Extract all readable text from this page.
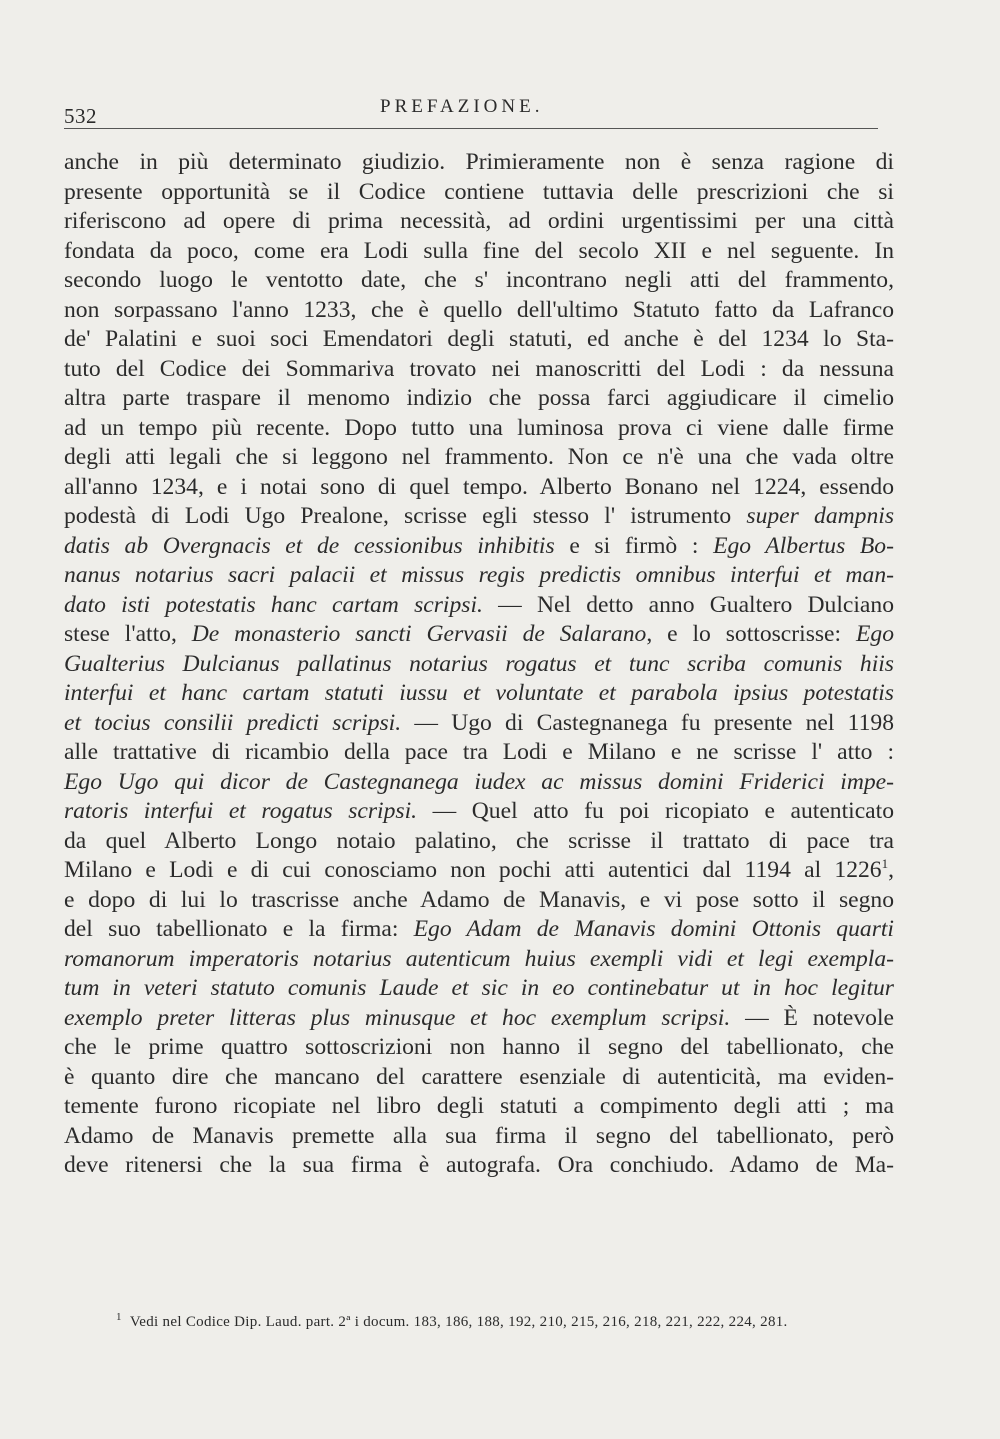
532	PREFAZIONE.
anche in più determinato giudizio. Primieramente non è senza ragione di
presente opportunità se il Codice contiene tuttavia delle prescrizioni che si
riferiscono ad opere di prima necessità, ad ordini urgentissimi per una città
fondata da poco, come era Lodi sulla fine del secolo XII e nel seguente. In
secondo luogo le ventotto date, che s' incontrano negli atti del frammento,
non sorpassano l'anno 1233, che è quello dell'ultimo Statuto fatto da Lafranco
de' Palatini e suoi soci Emendatori degli statuti, ed anche è del 1234 lo Sta-
tuto del Codice dei Sommariva trovato nei manoscritti del Lodi : da nessuna
altra parte traspare il menomo indizio che possa farci aggiudicare il cimelio
ad un tempo più recente. Dopo tutto una luminosa prova ci viene dalle firme
degli atti legali che si leggono nel frammento. Non ce n'è una che vada oltre
all'anno 1234, e i notai sono di quel tempo. Alberto Bonano nel 1224, essendo
podestà di Lodi Ugo Prealone, scrisse egli stesso l' istrumento super dampnis
datis ab Overgnacis et de cessionibus inhibitis e si firmò : Ego Albertus Bo-
nanus notarius sacri palacii et missus regis predictis omnibus interfui et man-
dato isti potestatis hanc cartam scripsi. — Nel detto anno Gualtero Dulciano
stese l'atto, De monasterio sancti Gervasii de Salarano, e lo sottoscrisse: Ego
Gualterius Dulcianus pallatinus notarius rogatus et tunc scriba comunis hiis
interfui et hanc cartam statuti iussu et voluntate et parabola ipsius potestatis
et tocius consilii predicti scripsi. — Ugo di Castegnanega fu presente nel 1198
alle trattative di ricambio della pace tra Lodi e Milano e ne scrisse l' atto :
Ego Ugo qui dicor de Castegnanega iudex ac missus domini Friderici impe-
ratoris interfui et rogatus scripsi. — Quel atto fu poi ricopiato e autenticato
da quel Alberto Longo notaio palatino, che scrisse il trattato di pace tra
Milano e Lodi e di cui conosciamo non pochi atti autentici dal 1194 al 1226$^1$,
e dopo di lui lo trascrisse anche Adamo de Manavis, e vi pose sotto il segno
del suo tabellionato e la firma: Ego Adam de Manavis domini Ottonis quarti
romanorum imperatoris notarius autenticum huius exempli vidi et legi exempla-
tum in veteri statuto comunis Laude et sic in eo continebatur ut in hoc legitur
exemplo preter litteras plus minusque et hoc exemplum scripsi. — È notevole
che le prime quattro sottoscrizioni non hanno il segno del tabellionato, che
è quanto dire che mancano del carattere esenziale di autenticità, ma eviden-
temente furono ricopiate nel libro degli statuti a compimento degli atti ; ma
Adamo de Manavis premette alla sua firma il segno del tabellionato, però
deve ritenersi che la sua firma è autografa. Ora conchiudo. Adamo de Ma-
$^1$ Vedi nel Codice Dip. Laud. part. 2ª i docum. 183, 186, 188, 192, 210, 215, 216, 218, 221, 222, 224, 281.
